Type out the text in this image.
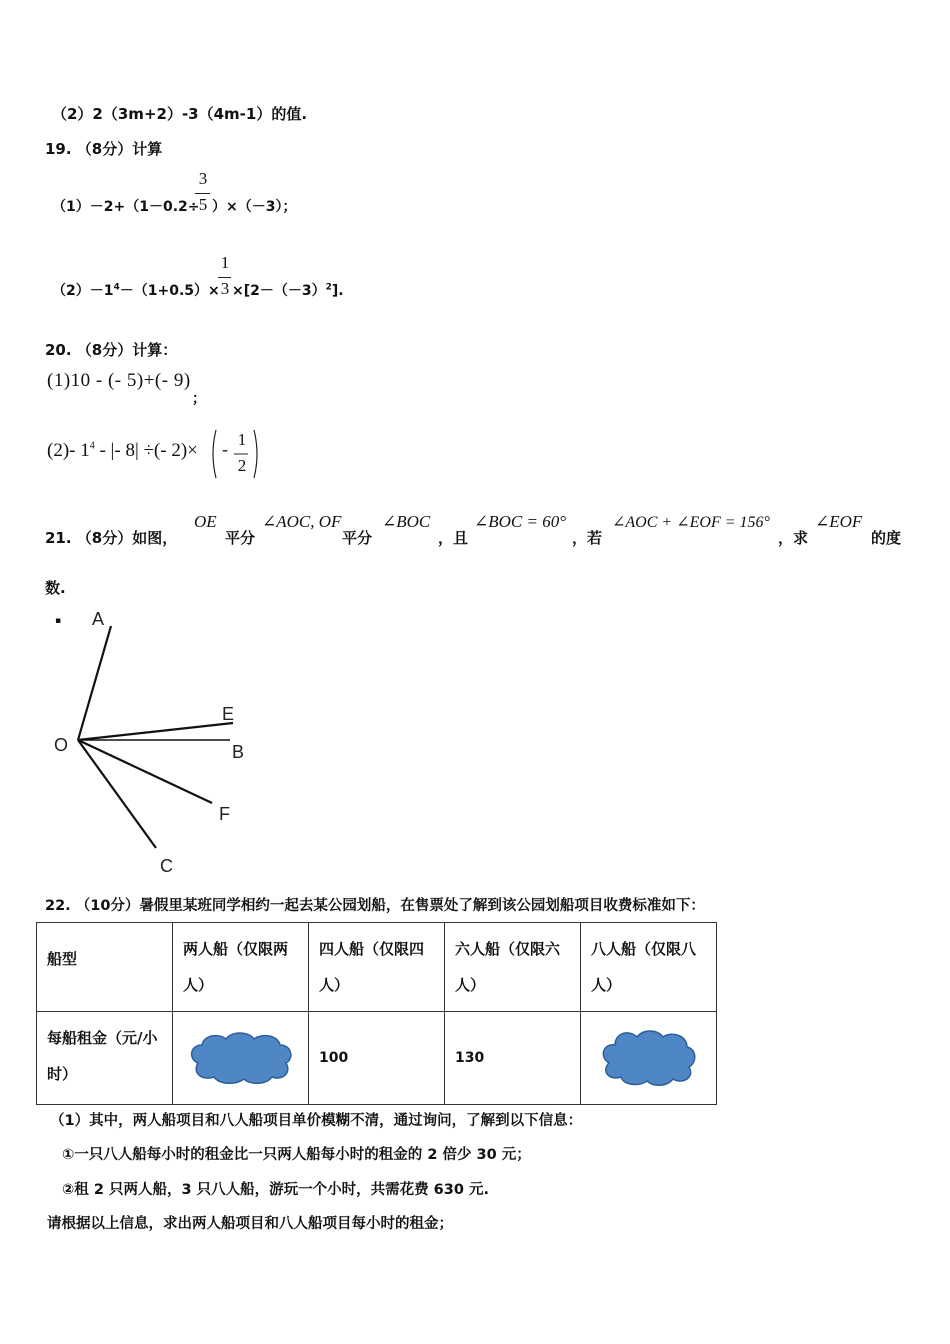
（2）2（3m+2）-3（4m-1）的值.
19. （8分）计算
（1）－2+（1－0.2÷
3
5 ）×（－3）；
$(2)-1^4-(1+0.5)\times$
1
$3 \times[2-(-3)^2]$.
20. （8分）计算：
(1)10 - (- 5)+(- 9)
；
(2)- $1^4$ - |- 8| ÷(- 2)× - 1
2
21. （8分）如图，
OE
平分
∠AOC, OF
平分
∠BOC
，且
∠BOC = 60°
，若
∠AOC + ∠EOF = 156°
，求
∠EOF
的度
数.
▪ A
E
O	B
F
C
22. （10分）暑假里某班同学相约一起去某公园划船，在售票处了解到该公园划船项目收费标准如下：
船型	两人船（仅限两人）	四人船（仅限四人）	六人船（仅限六人）	八人船（仅限八人）
每船租金（元/小时）		100	130

（1）其中，两人船项目和八人船项目单价模糊不清，通过询问，了解到以下信息：
①一只八人船每小时的租金比一只两人船每小时的租金的 2 倍少 30 元；
②租 2 只两人船，3 只八人船，游玩一个小时，共需花费 630 元.
请根据以上信息，求出两人船项目和八人船项目每小时的租金；
